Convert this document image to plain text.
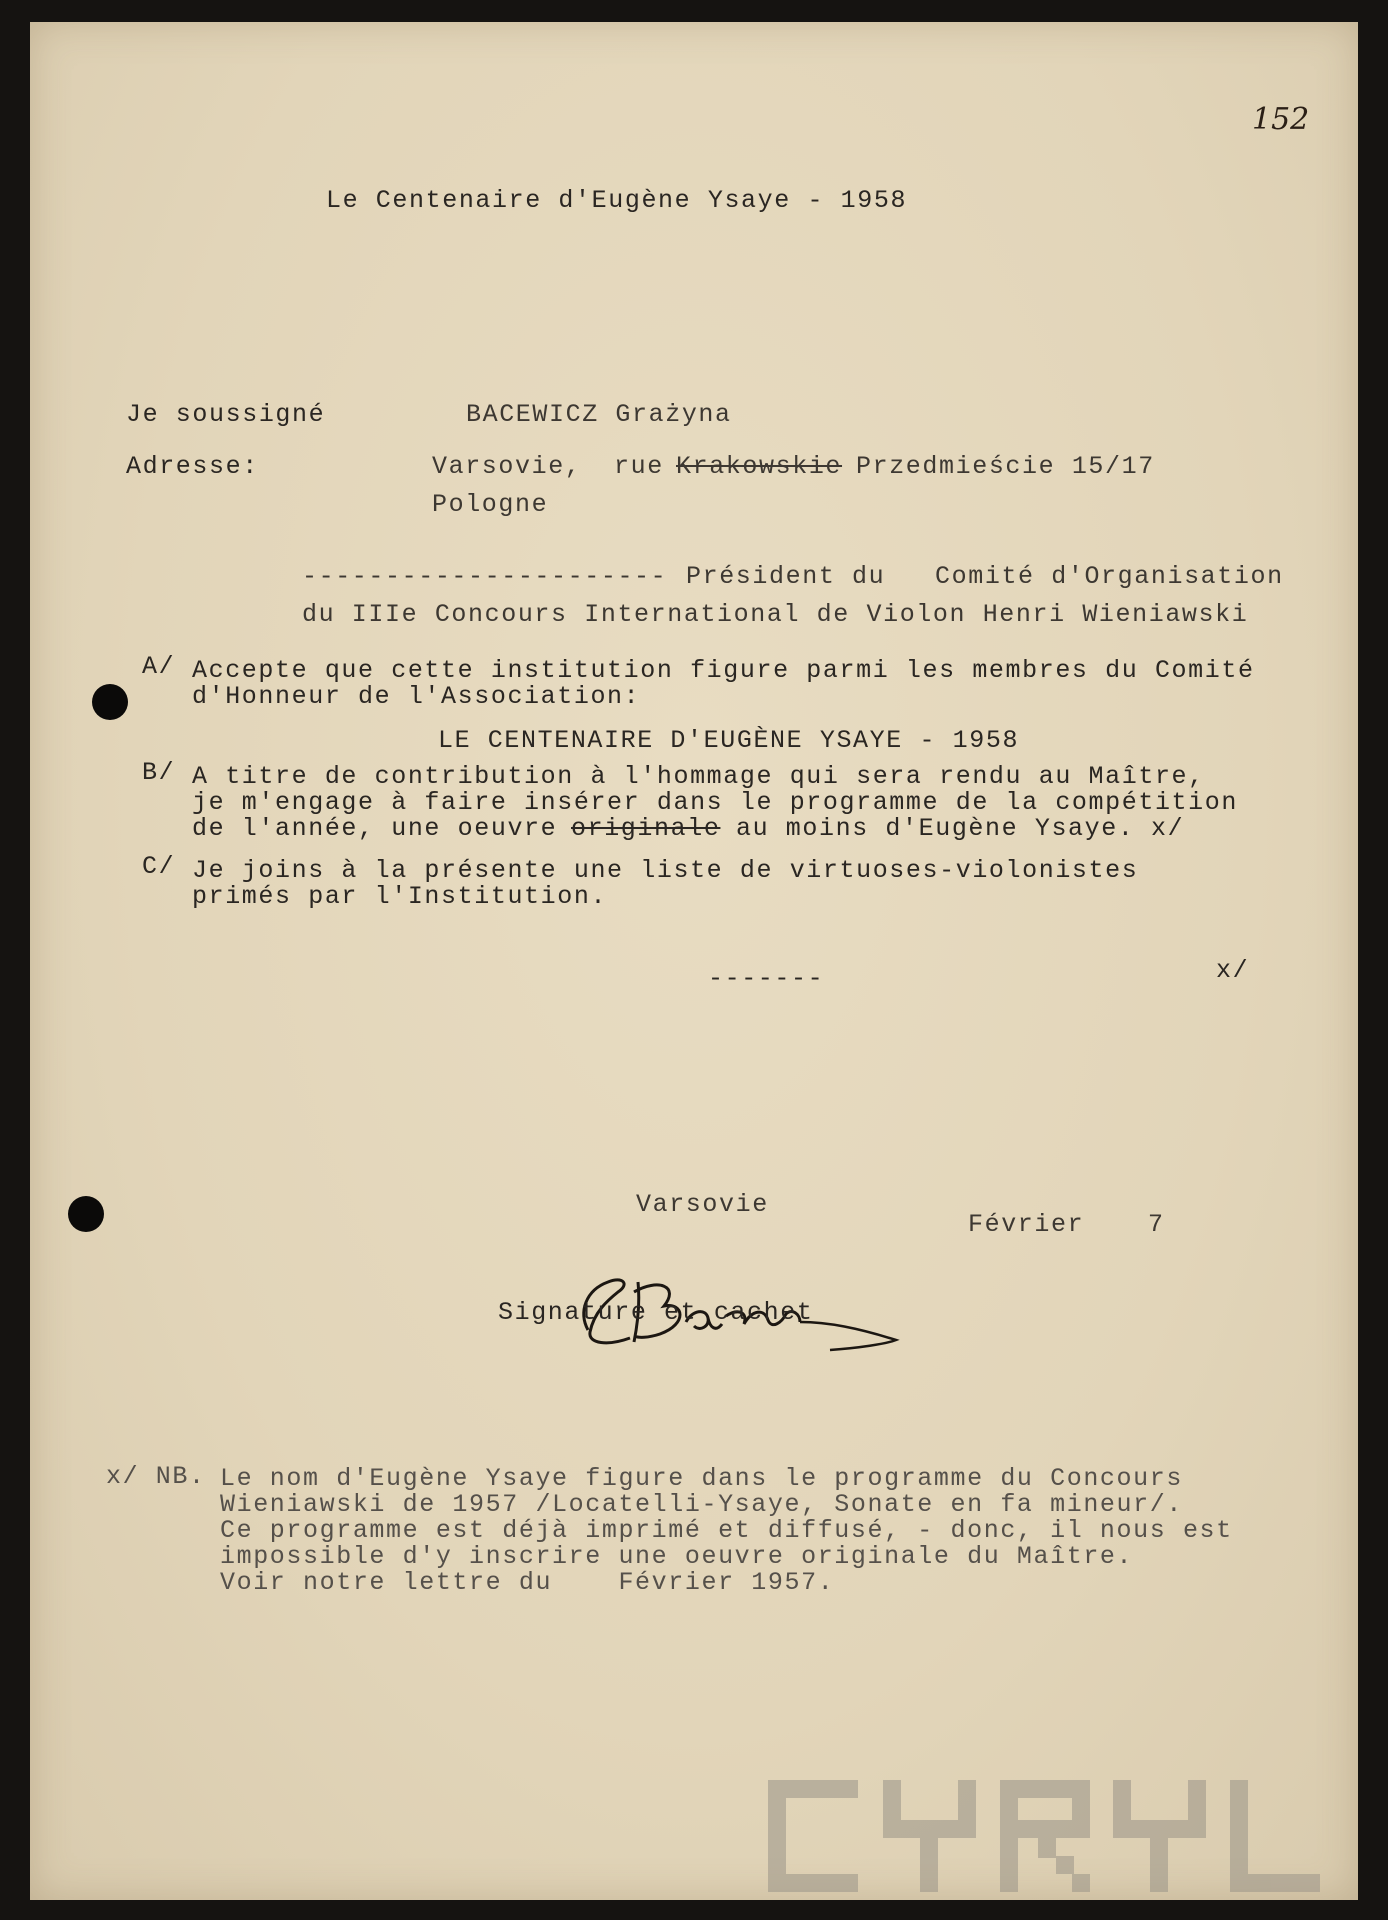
152
Le Centenaire d'Eugène Ysaye - 1958
Je soussigné	BACEWICZ Grażyna
Adresse:	Varsovie, rue Krakowskie Przedmieście 15/17
Pologne
---------------------- Président du   Comité d'Organisation
du IIIe Concours International de Violon Henri Wieniawski
A/ Accepte que cette institution figure parmi les membres du Comité
d'Honneur de l'Association:
LE CENTENAIRE D'EUGÈNE YSAYE - 1958
B/ A titre de contribution à l'hommage qui sera rendu au Maître,
je m'engage à faire insérer dans le programme de la compétition
de l'année, une oeuvre originale au moins d'Eugène Ysaye. x/
C/ Je joins à la présente une liste de virtuoses-violonistes
primés par l'Institution.
-------	x/
Varsovie
Février	7
Signature et cachet
x/ NB. Le nom d'Eugène Ysaye figure dans le programme du Concours
Wieniawski de 1957 /Locatelli-Ysaye, Sonate en fa mineur/.
Ce programme est déjà imprimé et diffusé, - donc, il nous est
impossible d'y inscrire une oeuvre originale du Maître.
Voir notre lettre du    Février 1957.
